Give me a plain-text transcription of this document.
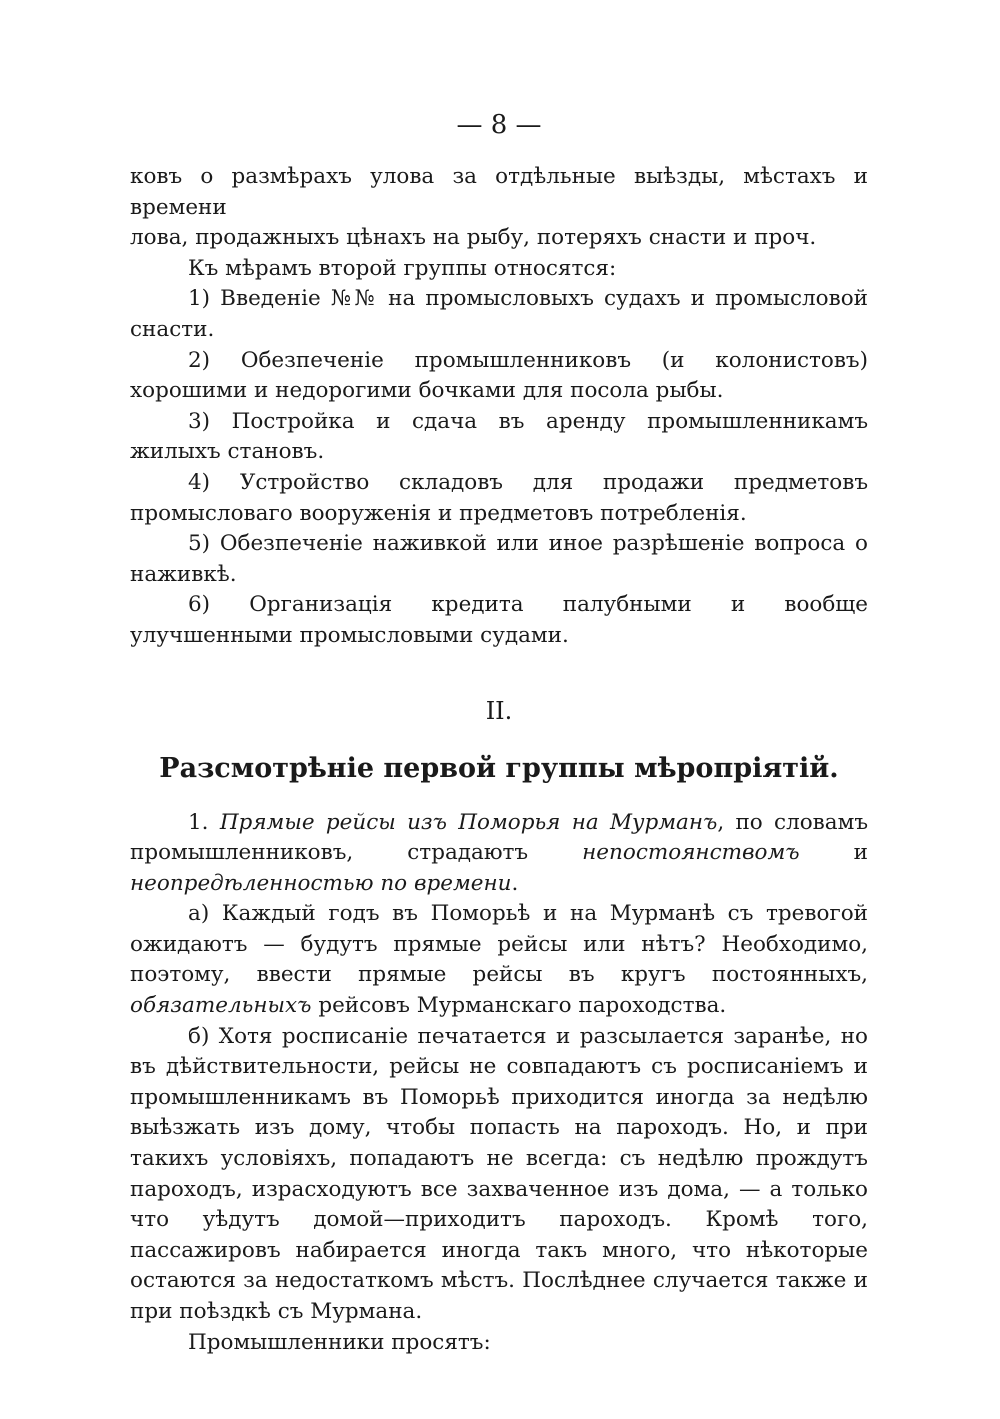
— 8 —

ковъ о размѣрахъ улова за отдѣльные выѣзды, мѣстахъ и времени

лова, продажныхъ цѣнахъ на рыбу, потеряхъ снасти и проч.

Къ мѣрамъ второй группы относятся:

1) Введеніе №№ на промысловыхъ судахъ и промысловой снасти.

2) Обезпеченіе промышленниковъ (и колонистовъ) хорошими и недорогими бочками для посола рыбы.

3) Постройка и сдача въ аренду промышленникамъ жилыхъ становъ.

4) Устройство складовъ для продажи предметовъ промысловаго вооруженія и предметовъ потребленія.

5) Обезпеченіе наживкой или иное разрѣшеніе вопроса о наживкѣ.

6) Организація кредита палубными и вообще улучшенными промысловыми судами.

II.
Разсмотрѣніе первой группы мѣропріятій.

1. Прямые рейсы изъ Поморья на Мурманъ, по словамъ промышленниковъ, страдаютъ непостоянствомъ и неопредѣленностью по времени.

а) Каждый годъ въ Поморьѣ и на Мурманѣ съ тревогой ожидаютъ — будутъ прямые рейсы или нѣтъ? Необходимо, поэтому, ввести прямые рейсы въ кругъ постоянныхъ, обязательныхъ рейсовъ Мурманскаго пароходства.

б) Хотя росписаніе печатается и разсылается заранѣе, но въ дѣйствительности, рейсы не совпадаютъ съ росписаніемъ и промышленникамъ въ Поморьѣ приходится иногда за недѣлю выѣзжать изъ дому, чтобы попасть на пароходъ. Но, и при такихъ условіяхъ, попадаютъ не всегда: съ недѣлю прождутъ пароходъ, израсходуютъ все захваченное изъ дома, — а только что уѣдутъ домой—приходитъ пароходъ. Кромѣ того, пассажировъ набирается иногда такъ много, что нѣкоторые остаются за недостаткомъ мѣстъ. Послѣднее случается также и при поѣздкѣ съ Мурмана.

Промышленники просятъ:
